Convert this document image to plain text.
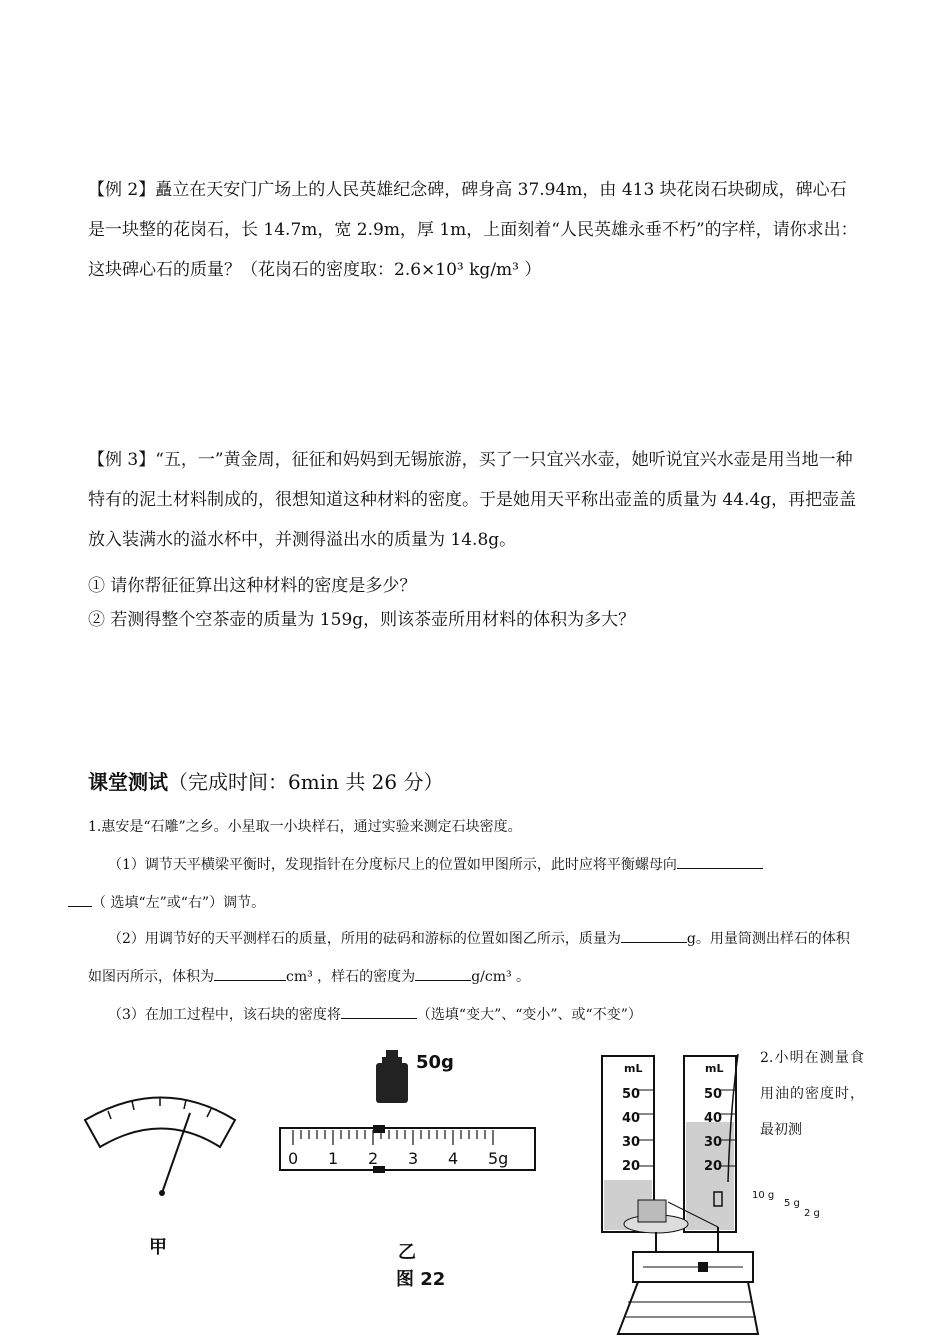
【例 2】矗立在天安门广场上的人民英雄纪念碑，碑身高 37.94m，由 413 块花岗石块砌成，碑心石是一块整的花岗石，长 14.7m，宽 2.9m，厚 1m，上面刻着“人民英雄永垂不朽”的字样，请你求出：这块碑心石的质量？（花岗石的密度取：2.6×10³ kg/m³ ）

【例 3】“五，一”黄金周，征征和妈妈到无锡旅游，买了一只宜兴水壶，她听说宜兴水壶是用当地一种特有的泥土材料制成的，很想知道这种材料的密度。于是她用天平称出壶盖的质量为 44.4g，再把壶盖放入装满水的溢水杯中，并测得溢出水的质量为 14.8g。

① 请你帮征征算出这种材料的密度是多少？

② 若测得整个空茶壶的质量为 159g，则该茶壶所用材料的体积为多大？

课堂测试（完成时间：6min 共 26 分）

1.惠安是“石雕”之乡。小星取一小块样石，通过实验来测定石块密度。

（1）调节天平横梁平衡时，发现指针在分度标尺上的位置如甲图所示，此时应将平衡螺母向
（ 选填“左”或“右”）调节。

（2）用调节好的天平测样石的质量，所用的砝码和游标的位置如图乙所示，质量为	g。用量筒测出样石的体积如图丙所示，体积为	cm³ ，样石的密度为	g/cm³ 。

（3）在加工过程中，该石块的密度将	（选填“变大”、“变小”、或“不变”）

2.小明在测量食用油的密度时，最初测
甲
50g
0 1 2 3 4 5g
乙
图 22
mL	mL
50
40
30
20
50
40
30
20
10 g
5 g
2 g
